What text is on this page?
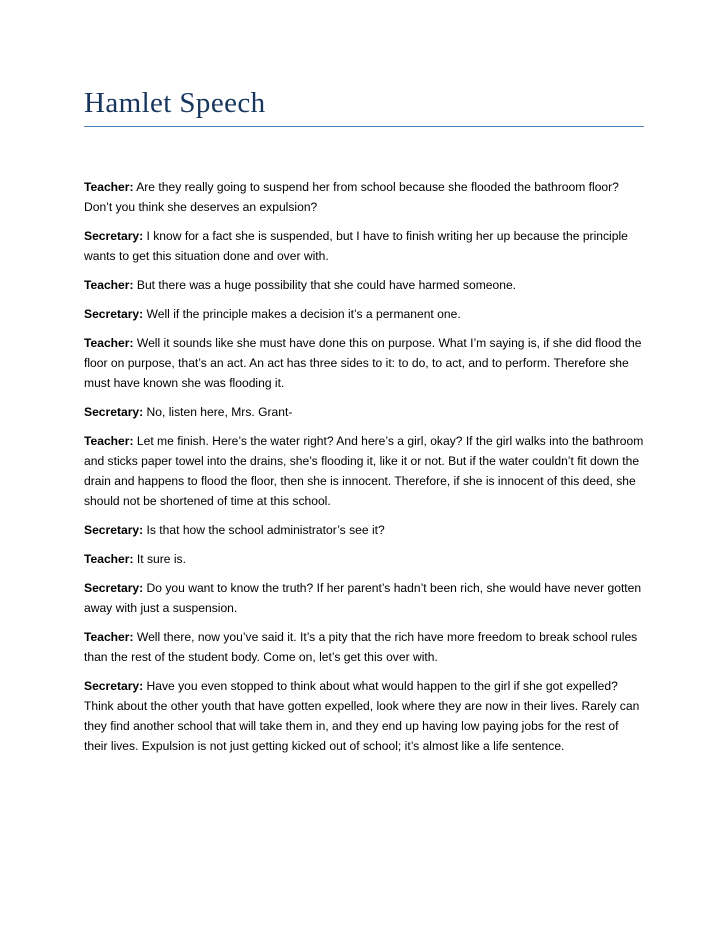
Hamlet Speech

Teacher: Are they really going to suspend her from school because she flooded the bathroom floor? Don’t you think she deserves an expulsion?

Secretary: I know for a fact she is suspended, but I have to finish writing her up because the principle wants to get this situation done and over with.

Teacher: But there was a huge possibility that she could have harmed someone.

Secretary: Well if the principle makes a decision it’s a permanent one.

Teacher: Well it sounds like she must have done this on purpose. What I’m saying is, if she did flood the floor on purpose, that’s an act. An act has three sides to it: to do, to act, and to perform. Therefore she must have known she was flooding it.

Secretary: No, listen here, Mrs. Grant-

Teacher: Let me finish. Here’s the water right? And here’s a girl, okay? If the girl walks into the bathroom and sticks paper towel into the drains, she’s flooding it, like it or not. But if the water couldn’t fit down the drain and happens to flood the floor, then she is innocent. Therefore, if she is innocent of this deed, she should not be shortened of time at this school.

Secretary: Is that how the school administrator’s see it?

Teacher: It sure is.

Secretary: Do you want to know the truth? If her parent’s hadn’t been rich, she would have never gotten away with just a suspension.

Teacher: Well there, now you’ve said it. It’s a pity that the rich have more freedom to break school rules than the rest of the student body. Come on, let’s get this over with.

Secretary: Have you even stopped to think about what would happen to the girl if she got expelled? Think about the other youth that have gotten expelled, look where they are now in their lives. Rarely can they find another school that will take them in, and they end up having low paying jobs for the rest of their lives. Expulsion is not just getting kicked out of school; it’s almost like a life sentence.
